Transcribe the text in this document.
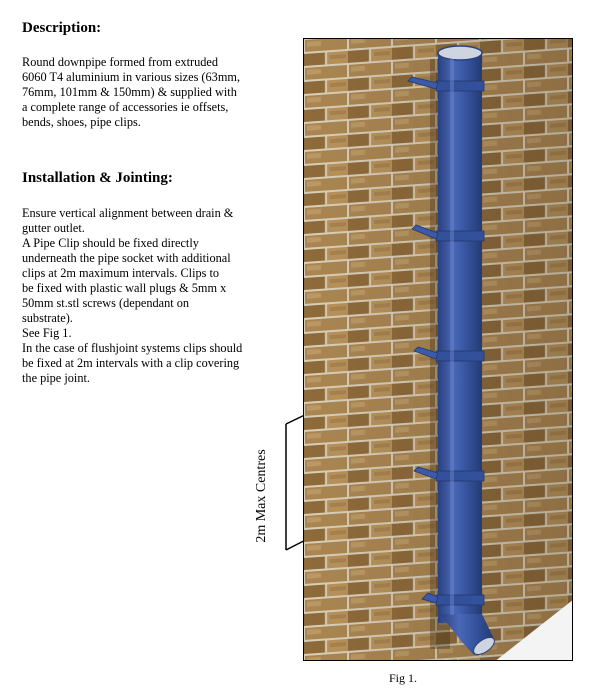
Description:

Round downpipe formed from extruded
6060 T4 aluminium in various sizes (63mm,
76mm, 101mm & 150mm) & supplied with
a complete range of accessories ie offsets,
bends, shoes, pipe clips.

Installation & Jointing:

Ensure vertical alignment between drain &
gutter outlet.
A Pipe Clip should be fixed directly
underneath the pipe socket with additional
clips at 2m maximum intervals. Clips to
be fixed with plastic wall plugs & 5mm x
50mm st.stl screws (dependant on
substrate).
See Fig 1.
In the case of flushjoint systems clips should
be fixed at 2m intervals with a clip covering
the pipe joint.

2m Max Centres
Fig 1.
